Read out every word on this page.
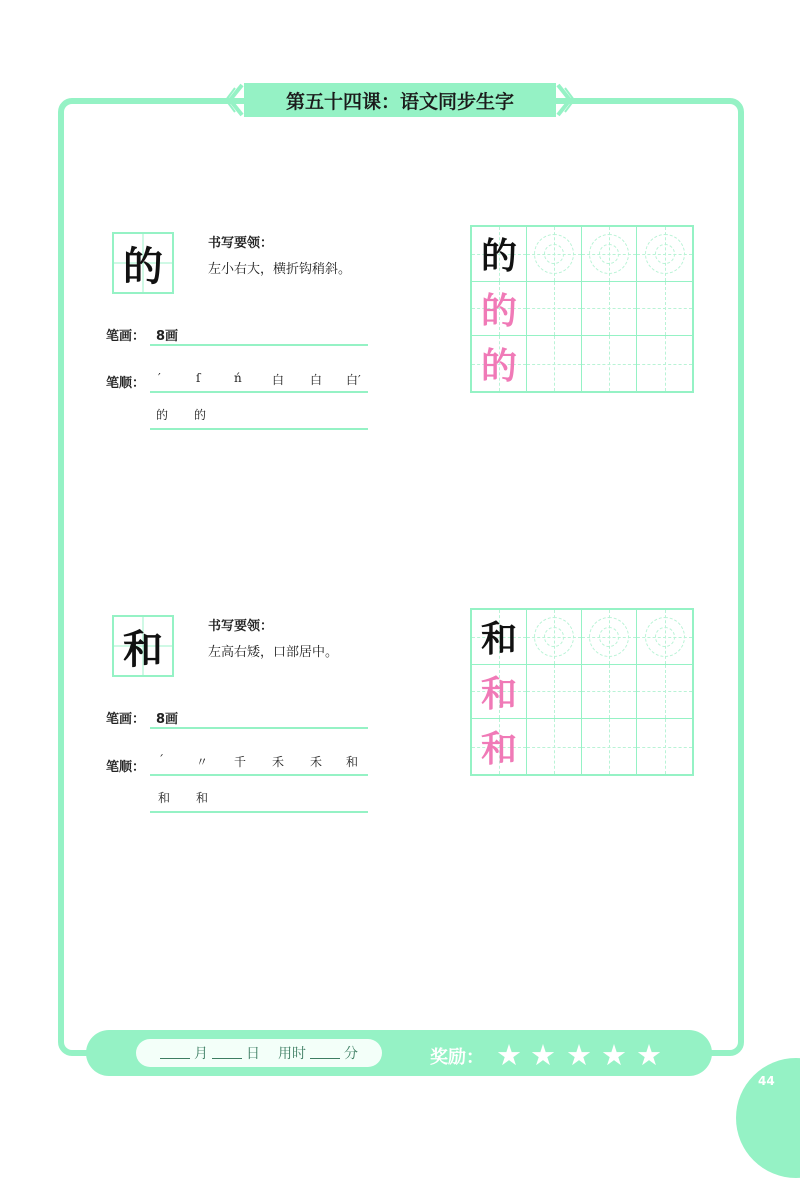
第五十四课：语文同步生字
的	书写要领：
左小右大，横折钩稍斜。
笔画： 8画
笔顺： ′	ſ	ń	白 白 白′
的 的
的
的
的
和	书写要领：
左高右矮，口部居中。
笔画： 8画
笔顺： ˊ	〃 千 禾 禾 和
和 和
和
和
和
月	日 用时	分	奖励： ★ ★ ★ ★ ★
44
